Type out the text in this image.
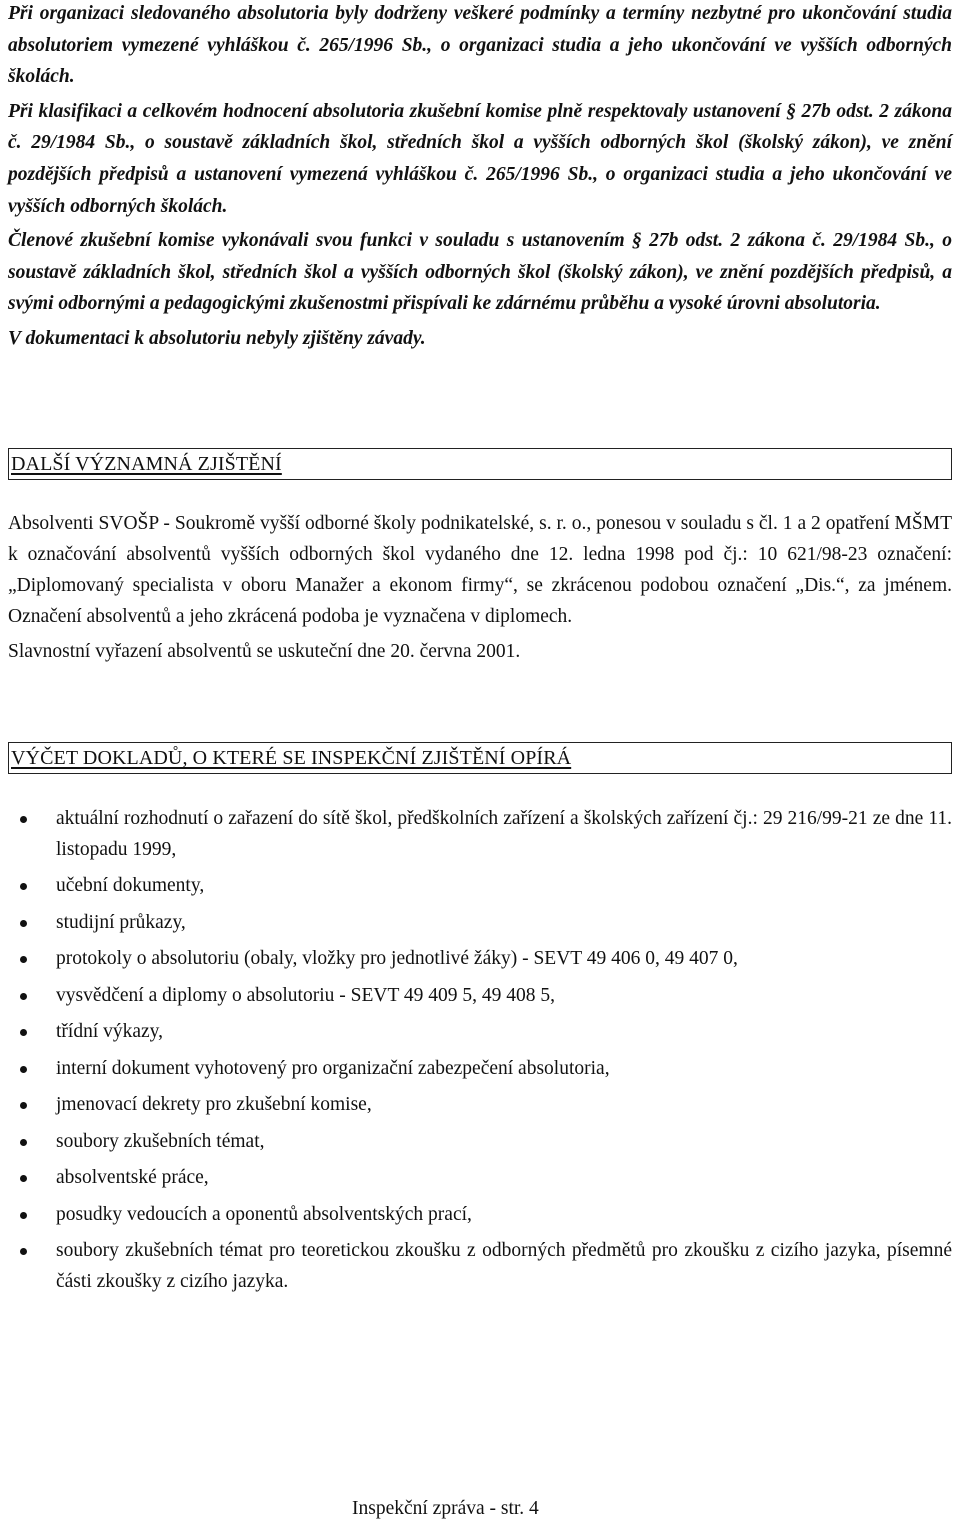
Při organizaci sledovaného absolutoria byly dodrženy veškeré podmínky a termíny nezbytné pro ukončování studia absolutoriem vymezené vyhláškou č. 265/1996 Sb., o organizaci studia a jeho ukončování ve vyšších odborných školách.

Při klasifikaci a celkovém hodnocení absolutoria zkušební komise plně respektovaly ustanovení § 27b odst. 2 zákona č. 29/1984 Sb., o soustavě základních škol, středních škol a vyšších odborných škol (školský zákon), ve znění pozdějších předpisů a ustanovení vymezená vyhláškou č. 265/1996 Sb., o organizaci studia a jeho ukončování ve vyšších odborných školách.

Členové zkušební komise vykonávali svou funkci v souladu s ustanovením § 27b odst. 2 zákona č. 29/1984 Sb., o soustavě základních škol, středních škol a vyšších odborných škol (školský zákon), ve znění pozdějších předpisů, a svými odbornými a pedagogickými zkušenostmi přispívali ke zdárnému průběhu a vysoké úrovni absolutoria.

V dokumentaci k absolutoriu nebyly zjištěny závady.

DALŠÍ VÝZNAMNÁ ZJIŠTĚNÍ

Absolventi SVOŠP - Soukromě vyšší odborné školy podnikatelské, s. r. o., ponesou v souladu s čl. 1 a 2 opatření MŠMT k označování absolventů vyšších odborných škol vydaného dne 12. ledna 1998 pod čj.: 10 621/98-23 označení: „Diplomovaný specialista v oboru Manažer a ekonom firmy“, se zkrácenou podobou označení „Dis.“, za jménem. Označení absolventů a jeho zkrácená podoba je vyznačena v diplomech.

Slavnostní vyřazení absolventů se uskuteční dne 20. června 2001.

VÝČET DOKLADŮ, O KTERÉ SE INSPEKČNÍ ZJIŠTĚNÍ OPÍRÁ
aktuální rozhodnutí o zařazení do sítě škol, předškolních zařízení a školských zařízení čj.: 29 216/99-21 ze dne 11. listopadu 1999,
učební dokumenty,
studijní průkazy,
protokoly o absolutoriu (obaly, vložky pro jednotlivé žáky) - SEVT 49 406 0, 49 407 0,
vysvědčení a diplomy o absolutoriu - SEVT 49 409 5, 49 408 5,
třídní výkazy,
interní dokument vyhotovený pro organizační zabezpečení absolutoria,
jmenovací dekrety pro zkušební komise,
soubory zkušebních témat,
absolventské práce,
posudky vedoucích a oponentů absolventských prací,
soubory zkušebních témat pro teoretickou zkoušku z odborných předmětů pro zkoušku z cizího jazyka, písemné části zkoušky z cizího jazyka.
Inspekční zpráva - str. 4
